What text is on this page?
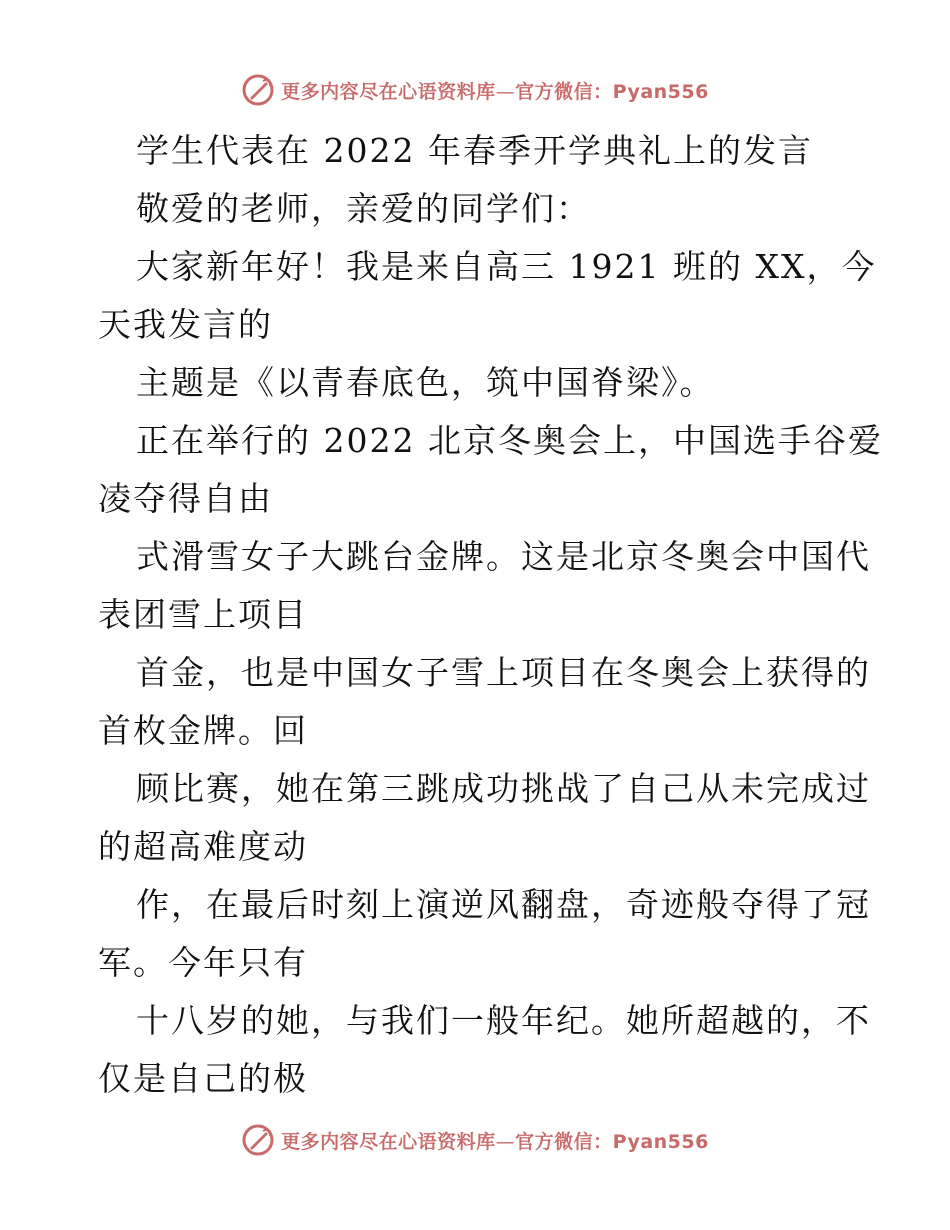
更多内容尽在心语资料库—官方微信：Pyan556
学生代表在 2022 年春季开学典礼上的发言
敬爱的老师，亲爱的同学们：
大家新年好！我是来自高三 1921 班的 XX，今
天我发言的
主题是《以青春底色，筑中国脊梁》。
正在举行的 2022 北京冬奥会上，中国选手谷爱
凌夺得自由
式滑雪女子大跳台金牌。这是北京冬奥会中国代
表团雪上项目
首金，也是中国女子雪上项目在冬奥会上获得的
首枚金牌。回
顾比赛，她在第三跳成功挑战了自己从未完成过
的超高难度动
作，在最后时刻上演逆风翻盘，奇迹般夺得了冠
军。今年只有
十八岁的她，与我们一般年纪。她所超越的，不
仅是自己的极
更多内容尽在心语资料库—官方微信：Pyan556
